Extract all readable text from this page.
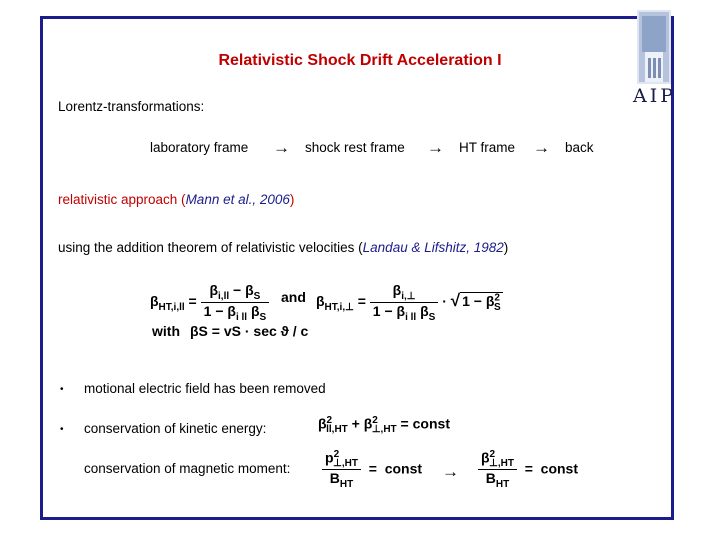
AIP
Relativistic Shock Drift Acceleration I
Lorentz-transformations:
laboratory frame → shock rest frame → HT frame → back
relativistic approach (Mann et al., 2006)
using the addition theorem of relativistic velocities (Landau & Lifshitz, 1982)
$\beta_{HT,i,ll} = \frac{\beta_{i,ll} - \beta_S}{1 - \beta_{i ll} \beta_S}$ and $\beta_{HT,i,\perp} = \frac{\beta_{i,\perp}}{1 - \beta_{i ll} \beta_S}$ · √ $1 - \beta^2_S$
with βS = vS · sec ϑ / c
• motional electric field has been removed
• conservation of kinetic energy:	$\beta^2_{ll,HT} + \beta^2_{\perp,HT}$ = const
conservation of magnetic moment: $\frac{p^2_{\perp,HT}}{B_{HT}}$ =  const → $\frac{\beta^2_{\perp,HT}}{B_{HT}}$ =  const
